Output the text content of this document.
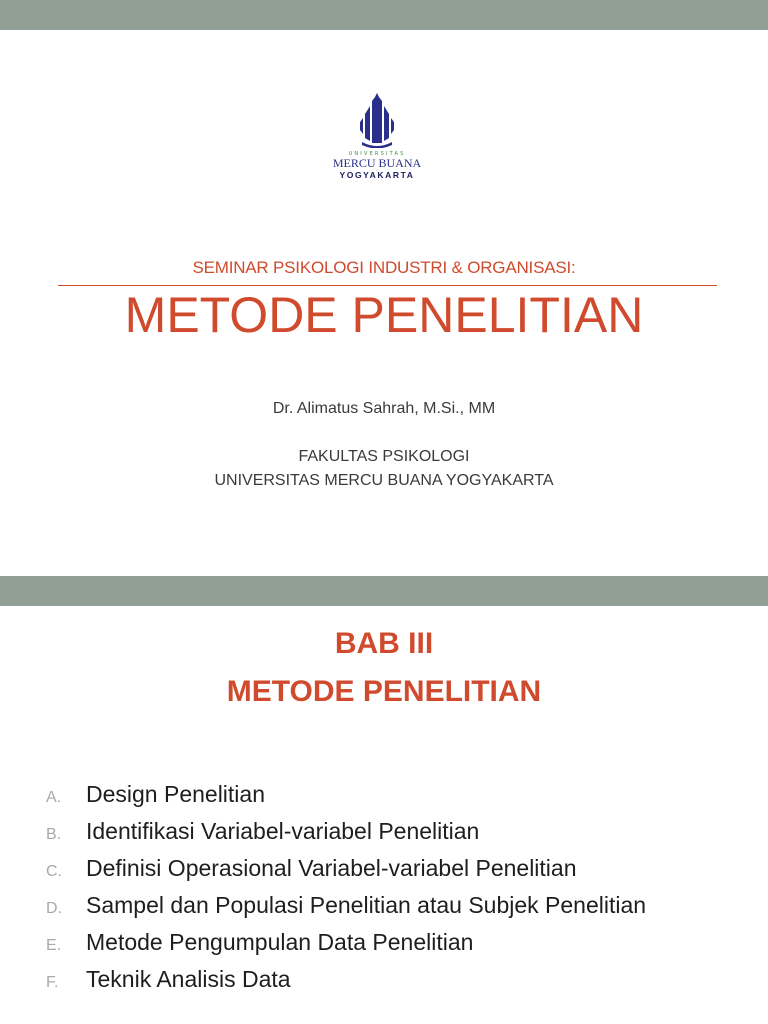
UNIVERSITAS
MERCU BUANA
YOGYAKARTA
SEMINAR PSIKOLOGI INDUSTRI & ORGANISASI:
METODE PENELITIAN
Dr. Alimatus Sahrah, M.Si., MM
FAKULTAS PSIKOLOGI
UNIVERSITAS MERCU BUANA YOGYAKARTA
BAB III
METODE PENELITIAN
A. Design Penelitian
B. Identifikasi Variabel-variabel Penelitian
C. Definisi Operasional Variabel-variabel Penelitian
D. Sampel dan Populasi Penelitian atau Subjek Penelitian
E. Metode Pengumpulan Data Penelitian
F. Teknik Analisis Data
